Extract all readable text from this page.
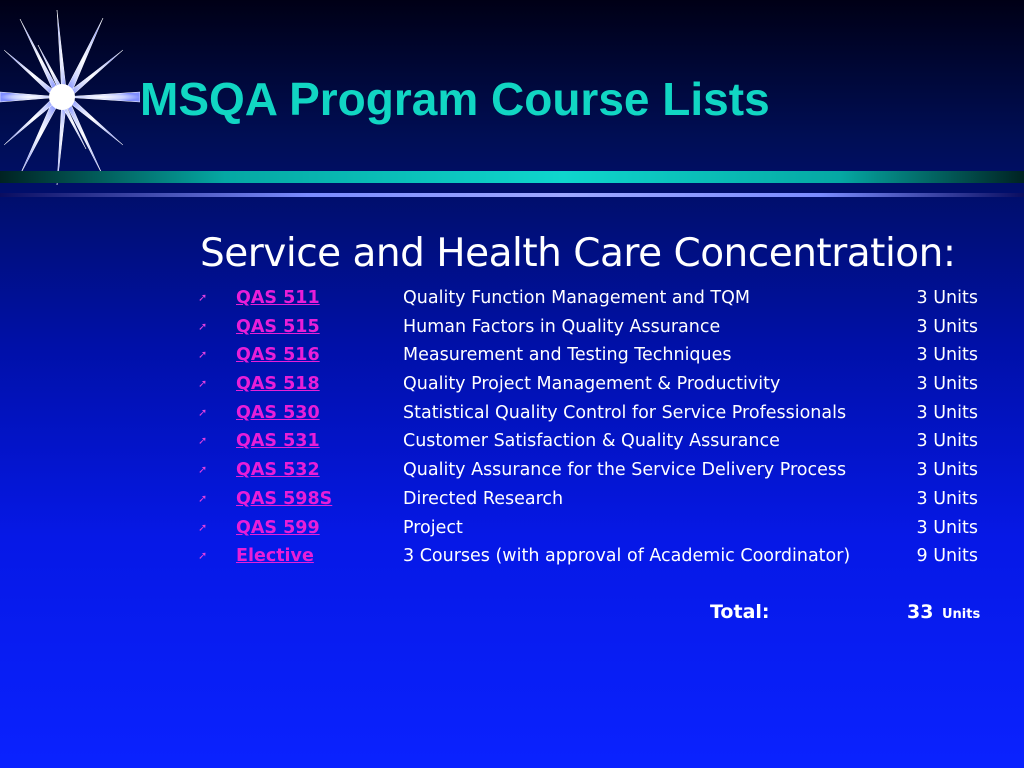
MSQA Program Course Lists
Service and Health Care Concentration:
➚ QAS 511	Quality Function Management and TQM	3 Units
➚ QAS 515	Human Factors in Quality Assurance	3 Units
➚ QAS 516	Measurement and Testing Techniques	3 Units
➚ QAS 518	Quality Project Management & Productivity	3 Units
➚ QAS 530	Statistical Quality Control for Service Professionals	3 Units
➚ QAS 531	Customer Satisfaction & Quality Assurance	3 Units
➚ QAS 532	Quality Assurance for the Service Delivery Process	3 Units
➚ QAS 598S	Directed Research	3 Units
➚ QAS 599	Project	3 Units
➚ Elective	3 Courses (with approval of Academic Coordinator)	9 Units
Total:	33 Units
